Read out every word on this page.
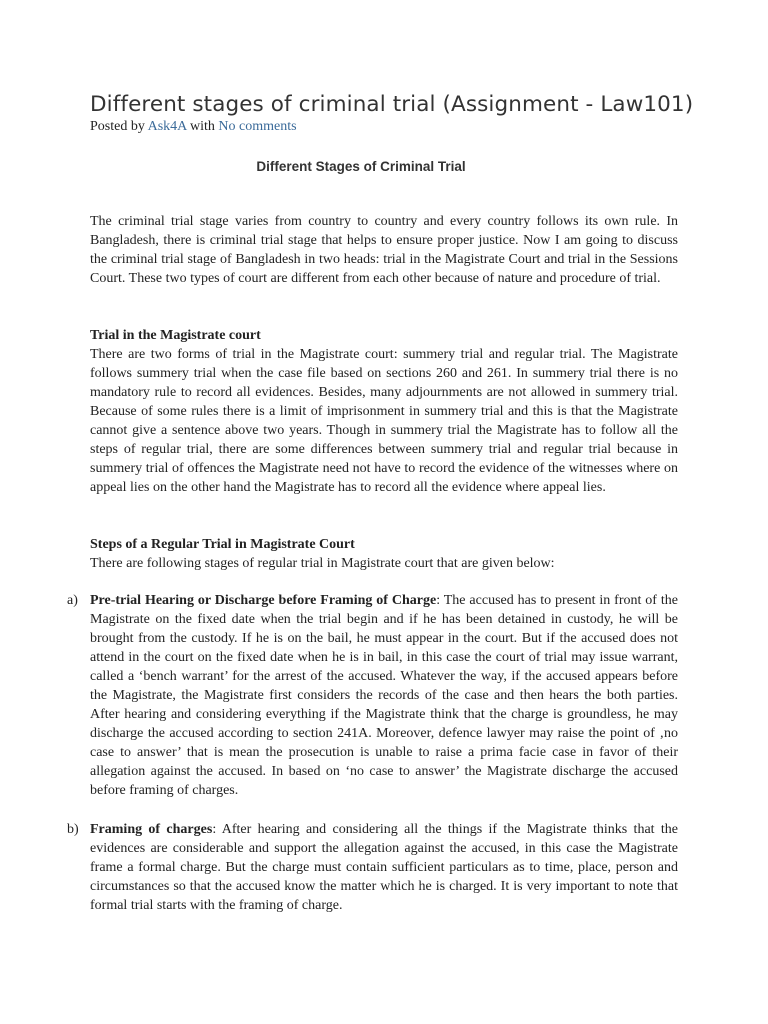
Different stages of criminal trial (Assignment - Law101)
Posted by Ask4A with No comments
Different Stages of Criminal Trial

The criminal trial stage varies from country to country and every country follows its own rule. In Bangladesh, there is criminal trial stage that helps to ensure proper justice. Now I am going to discuss the criminal trial stage of Bangladesh in two heads: trial in the Magistrate Court and trial in the Sessions Court. These two types of court are different from each other because of nature and procedure of trial.

Trial in the Magistrate court

There are two forms of trial in the Magistrate court: summery trial and regular trial. The Magistrate follows summery trial when the case file based on sections 260 and 261. In summery trial there is no mandatory rule to record all evidences. Besides, many adjournments are not allowed in summery trial. Because of some rules there is a limit of imprisonment in summery trial and this is that the Magistrate cannot give a sentence above two years. Though in summery trial the Magistrate has to follow all the steps of regular trial, there are some differences between summery trial and regular trial because in summery trial of offences the Magistrate need not have to record the evidence of the witnesses where on appeal lies on the other hand the Magistrate has to record all the evidence where appeal lies.

Steps of a Regular Trial in Magistrate Court

There are following stages of regular trial in Magistrate court that are given below:

a) Pre-trial Hearing or Discharge before Framing of Charge: The accused has to present in front of the Magistrate on the fixed date when the trial begin and if he has been detained in custody, he will be brought from the custody. If he is on the bail, he must appear in the court. But if the accused does not attend in the court on the fixed date when he is in bail, in this case the court of trial may issue warrant, called a ‘bench warrant’ for the arrest of the accused. Whatever the way, if the accused appears before the Magistrate, the Magistrate first considers the records of the case and then hears the both parties. After hearing and considering everything if the Magistrate think that the charge is groundless, he may discharge the accused according to section 241A. Moreover, defence lawyer may raise the point of ‚no case to answer’ that is mean the prosecution is unable to raise a prima facie case in favor of their allegation against the accused. In based on ‘no case to answer’ the Magistrate discharge the accused before framing of charges.

b) Framing of charges: After hearing and considering all the things if the Magistrate thinks that the evidences are considerable and support the allegation against the accused, in this case the Magistrate frame a formal charge. But the charge must contain sufficient particulars as to time, place, person and circumstances so that the accused know the matter which he is charged. It is very important to note that formal trial starts with the framing of charge.
